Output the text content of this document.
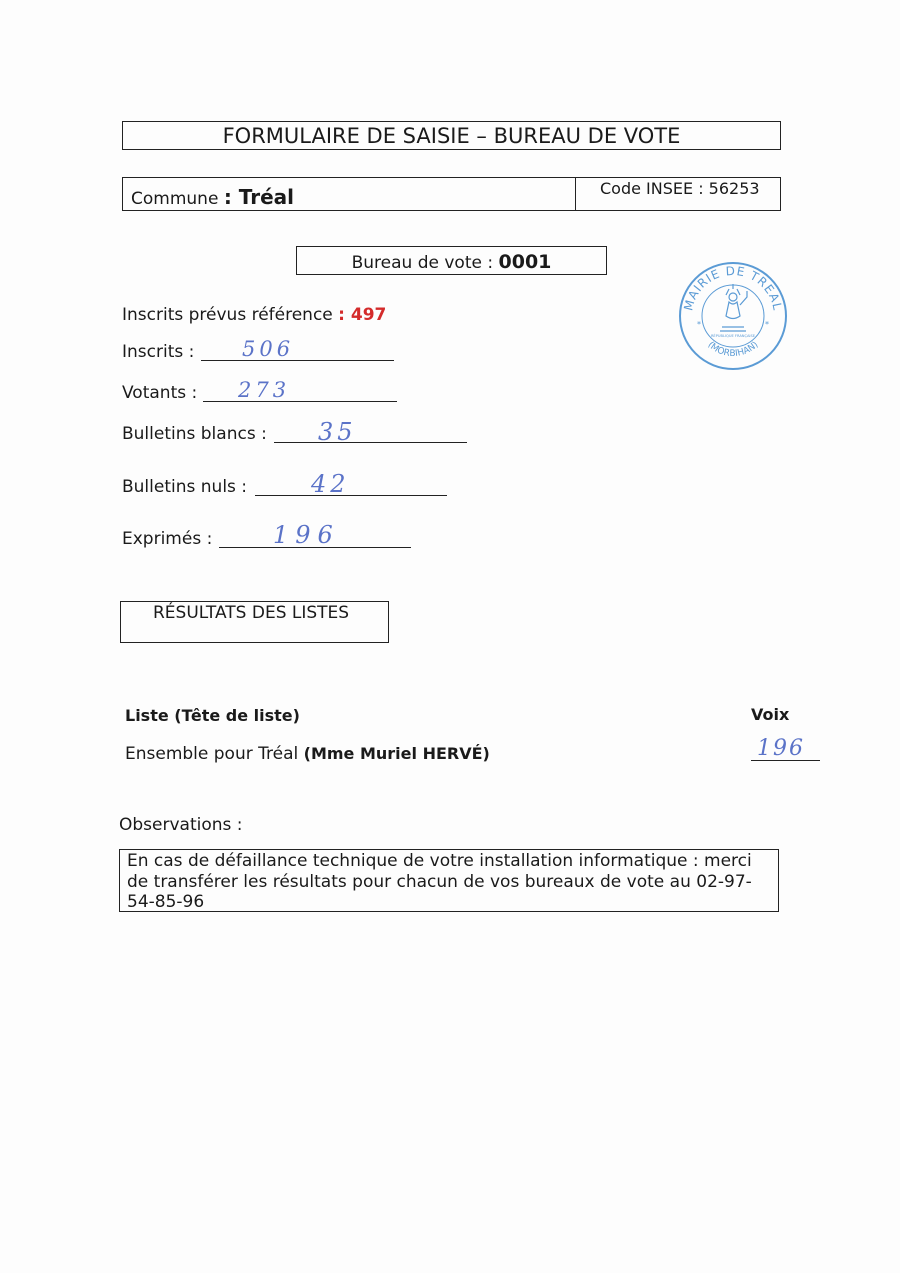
FORMULAIRE DE SAISIE – BUREAU DE VOTE
Commune : Tréal	Code INSEE : 56253
Bureau de vote : 0001
MAIRIE DE TREAL
(MORBIHAN)
RÉPUBLIQUE FRANÇAISE
*	*
Inscrits prévus référence : 497
Inscrits : 506
Votants : 273
Bulletins blancs : 35
Bulletins nuls :	42
Exprimés :	196
RÉSULTATS DES LISTES
Liste (Tête de liste)	Voix
Ensemble pour Tréal (Mme Muriel HERVÉ)	196
Observations :
En cas de défaillance technique de votre installation informatique : merci de transférer les résultats pour chacun de vos bureaux de vote au 02-97-54-85-96
